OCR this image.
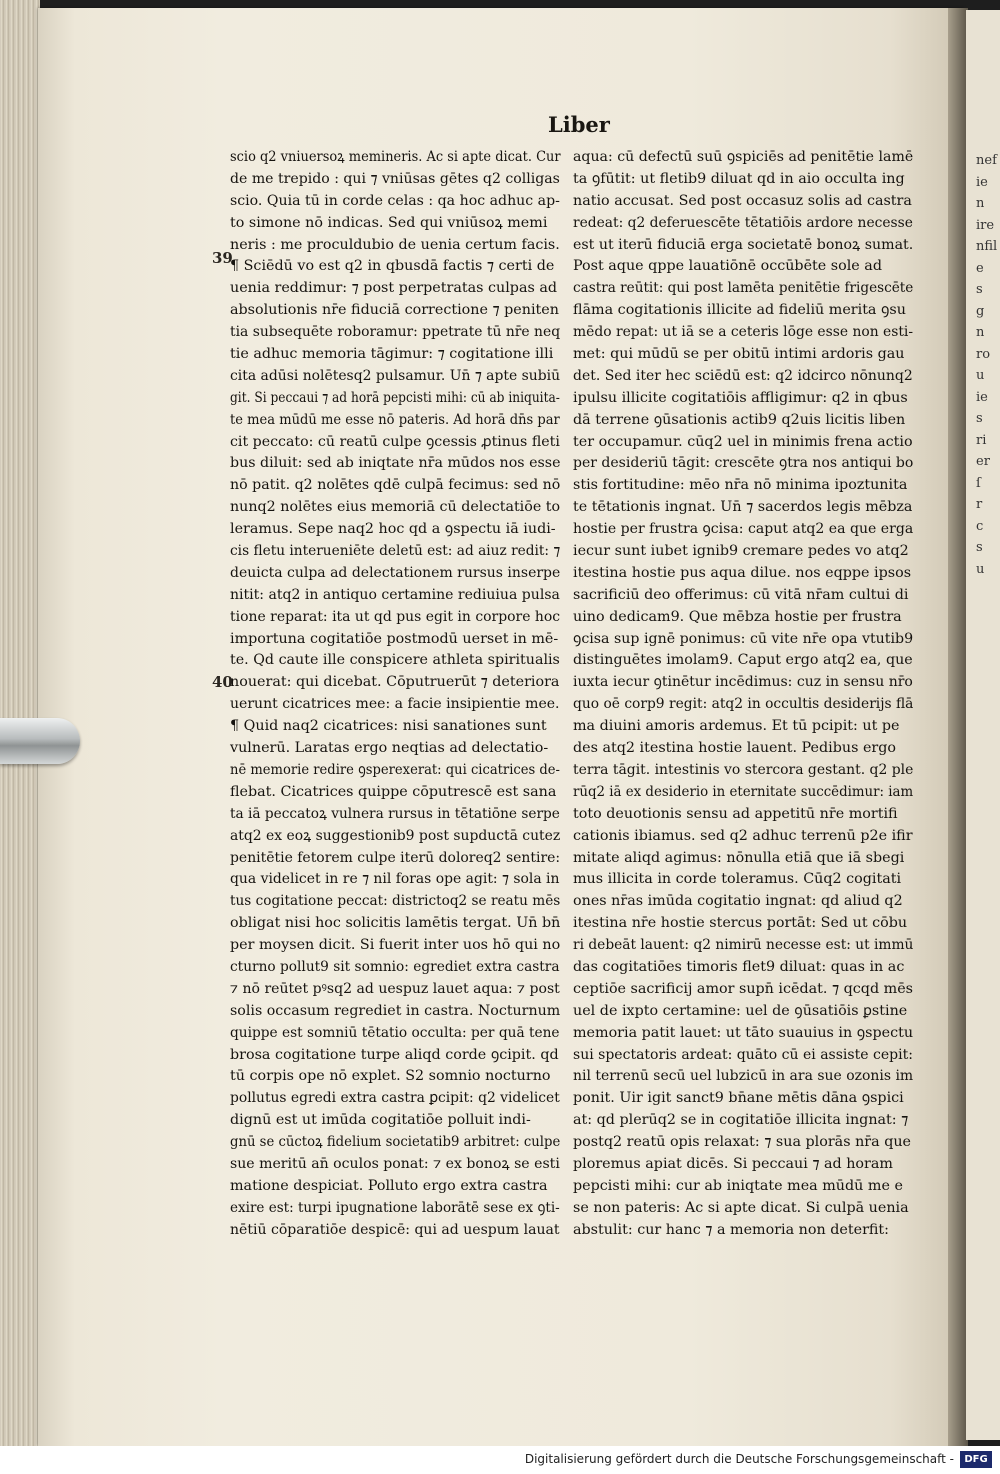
nef
ie
n
ire
nfil
e
s
g
n
ro
u
ie
s
ri
er
ſ
r
c
s
u
Liber
39
40
scio q2 vniuersoꝝ memineris. Ac si apte dicat. Cur
de me trepido : qui ⁊ vniūsas gētes q2 colligas
scio. Quia tū in corde celas : qa hoc adhuc ap-
to simone nō indicas. Sed qui vniūsoꝝ memi
neris : me proculdubio de uenia certum facis.
¶ Sciēdū vo est q2 in qbusdā factis ⁊ certi de
uenia reddimur: ⁊ post perpetratas culpas ad
absolutionis nr̄e fiduciā correctione ⁊ peniten
tia subsequēte roboramur: ppetrate tū nr̄e neq
tie adhuc memoria tāgimur: ⁊ cogitatione illi
cita adūsi nolētesq2 pulsamur. Un̄ ⁊ apte subiū
git. Si peccaui ⁊ ad horā pepcisti mihi: cū ab iniquita-
te mea mūdū me esse nō pateris. Ad horā dn̄s par
cit peccato: cū reatū culpe ꝯcessis ꝓtinus fleti
bus diluit: sed ab iniqtate nr̄a mūdos nos esse
nō patit. q2 nolētes qdē culpā fecimus: sed nō
nunq2 nolētes eius memoriā cū delectatiōe to
leramus. Sepe naq2 hoc qd a ꝯspectu iā iudi-
cis fletu interueniēte deletū est: ad aiuz redit: ⁊
deuicta culpa ad delectationem rursus inserpe
nitit: atq2 in antiquo certamine rediuiua pulsa
tione reparat: ita ut qd pus egit in corpore hoc
importuna cogitatiōe postmodū uerset in mē-
te. Qd caute ille conspicere athleta spiritualis
nouerat: qui dicebat. Cōputruerūt ⁊ deteriora
uerunt cicatrices mee: a facie insipientie mee.
¶ Quid naq2 cicatrices: nisi sanationes sunt
vulnerū. Laratas ergo neqtias ad delectatio-
nē memorie redire ꝯsperexerat: qui cicatrices de-
flebat. Cicatrices quippe cōputrescē est sana
ta iā peccatoꝝ vulnera rursus in tētatiōne serpe
atq2 ex eoꝝ suggestionib9 post supductā cutez
penitētie fetorem culpe iterū doloreq2 sentire:
qua videlicet in re ⁊ nil foras ope agit: ⁊ sola in
tus cogitatione peccat: districtoq2 se reatu mēs
obligat nisi hoc solicitis lamētis tergat. Un̄ bn̄
per moysen dicit. Si fuerit inter uos hō qui no
cturno pollut9 sit somnio: egrediet extra castra
⁊ nō reūtet pꝰsq2 ad uespuz lauet aqua: ⁊ post
solis occasum regrediet in castra. Nocturnum
quippe est somniū tētatio occulta: per quā tene
brosa cogitatione turpe aliqd corde ꝯcipit. qd
tū corpis ope nō explet. S2 somnio nocturno
pollutus egredi extra castra ꝑcipit: q2 videlicet
dignū est ut imūda cogitatiōe polluit indi-
gnū se cūctoꝝ fidelium societatib9 arbitret: culpe
sue meritū an̄ oculos ponat: ⁊ ex bonoꝝ se esti
matione despiciat. Polluto ergo extra castra
exire est: turpi ipugnatione laborātē sese ex ꝯti-
nētiū cōparatiōe despicē: qui ad uespum lauat
aqua: cū defectū suū ꝯspiciēs ad penitētie lamē
ta ꝯfūtit: ut fletib9 diluat qd in aio occulta ing
natio accusat. Sed post occasuz solis ad castra
redeat: q2 deferuescēte tētatiōis ardore necesse
est ut iterū fiduciā erga societatē bonoꝝ sumat.
Post aque qppe lauatiōnē occūbēte sole ad
castra reūtit: qui post lamēta penitētie frigescēte
flāma cogitationis illicite ad fideliū merita ꝯsu
mēdo repat: ut iā se a ceteris lōge esse non esti-
met: qui mūdū se per obitū intimi ardoris gau
det. Sed iter hec sciēdū est: q2 idcirco nōnunq2
ipulsu illicite cogitatiōis affligimur: q2 in qbus
dā terrene ꝯūsationis actib9 q2uis licitis liben
ter occupamur. cūq2 uel in minimis frena actio
per desideriū tāgit: crescēte ꝯtra nos antiqui bo
stis fortitudine: mēo nr̄a nō minima ipoztunita
te tētationis ingnat. Un̄ ⁊ sacerdos legis mēbza
hostie per frustra ꝯcisa: caput atq2 ea que erga
iecur sunt iubet ignib9 cremare pedes vo atq2
itestina hostie pus aqua dilue. nos eqppe ipsos
sacrificiū deo offerimus: cū vitā nr̄am cultui di
uino dedicam9. Que mēbza hostie per frustra
ꝯcisa sup ignē ponimus: cū vite nr̄e opa vtutib9
distinguētes imolam9. Caput ergo atq2 ea, que
iuxta iecur ꝯtinētur incēdimus: cuz in sensu nr̄o
quo oē corp9 regit: atq2 in occultis desiderijs flā
ma diuini amoris ardemus. Et tū pcipit: ut pe
des atq2 itestina hostie lauent. Pedibus ergo
terra tāgit. intestinis vo stercora gestant. q2 ple
rūq2 iā ex desiderio in eternitate succēdimur: iam
toto deuotionis sensu ad appetitū nr̄e mortifi
cationis ibiamus. sed q2 adhuc terrenū p2e ifir
mitate aliqd agimus: nōnulla etiā que iā sbegi
mus illicita in corde toleramus. Cūq2 cogitati
ones nr̄as imūda cogitatio ingnat: qd aliud q2
itestina nr̄e hostie stercus portāt: Sed ut cōbu
ri debeāt lauent: q2 nimirū necesse est: ut immū
das cogitatiōes timoris flet9 diluat: quas in ac
ceptiōe sacrificij amor supn̄ icēdat. ⁊ qcqd mēs
uel de ixpto certamine: uel de ꝯūsatiōis ꝑstine
memoria patit lauet: ut tāto suauius in ꝯspectu
sui spectatoris ardeat: quāto cū ei assiste cepit:
nil terrenū secū uel lubzicū in ara sue ozonis im
ponit. Uir igit sanct9 bn̄ane mētis dāna ꝯspici
at: qd plerūq2 se in cogitatiōe illicita ingnat: ⁊
postq2 reatū opis relaxat: ⁊ sua plorās nr̄a que
ploremus apiat dicēs. Si peccaui ⁊ ad horam
pepcisti mihi: cur ab iniqtate mea mūdū me e
se non pateris: Ac si apte dicat. Si culpā uenia
abstulit: cur hanc ⁊ a memoria non deterfit:
Digitalisierung gefördert durch die Deutsche Forschungsgemeinschaft -	DFG
